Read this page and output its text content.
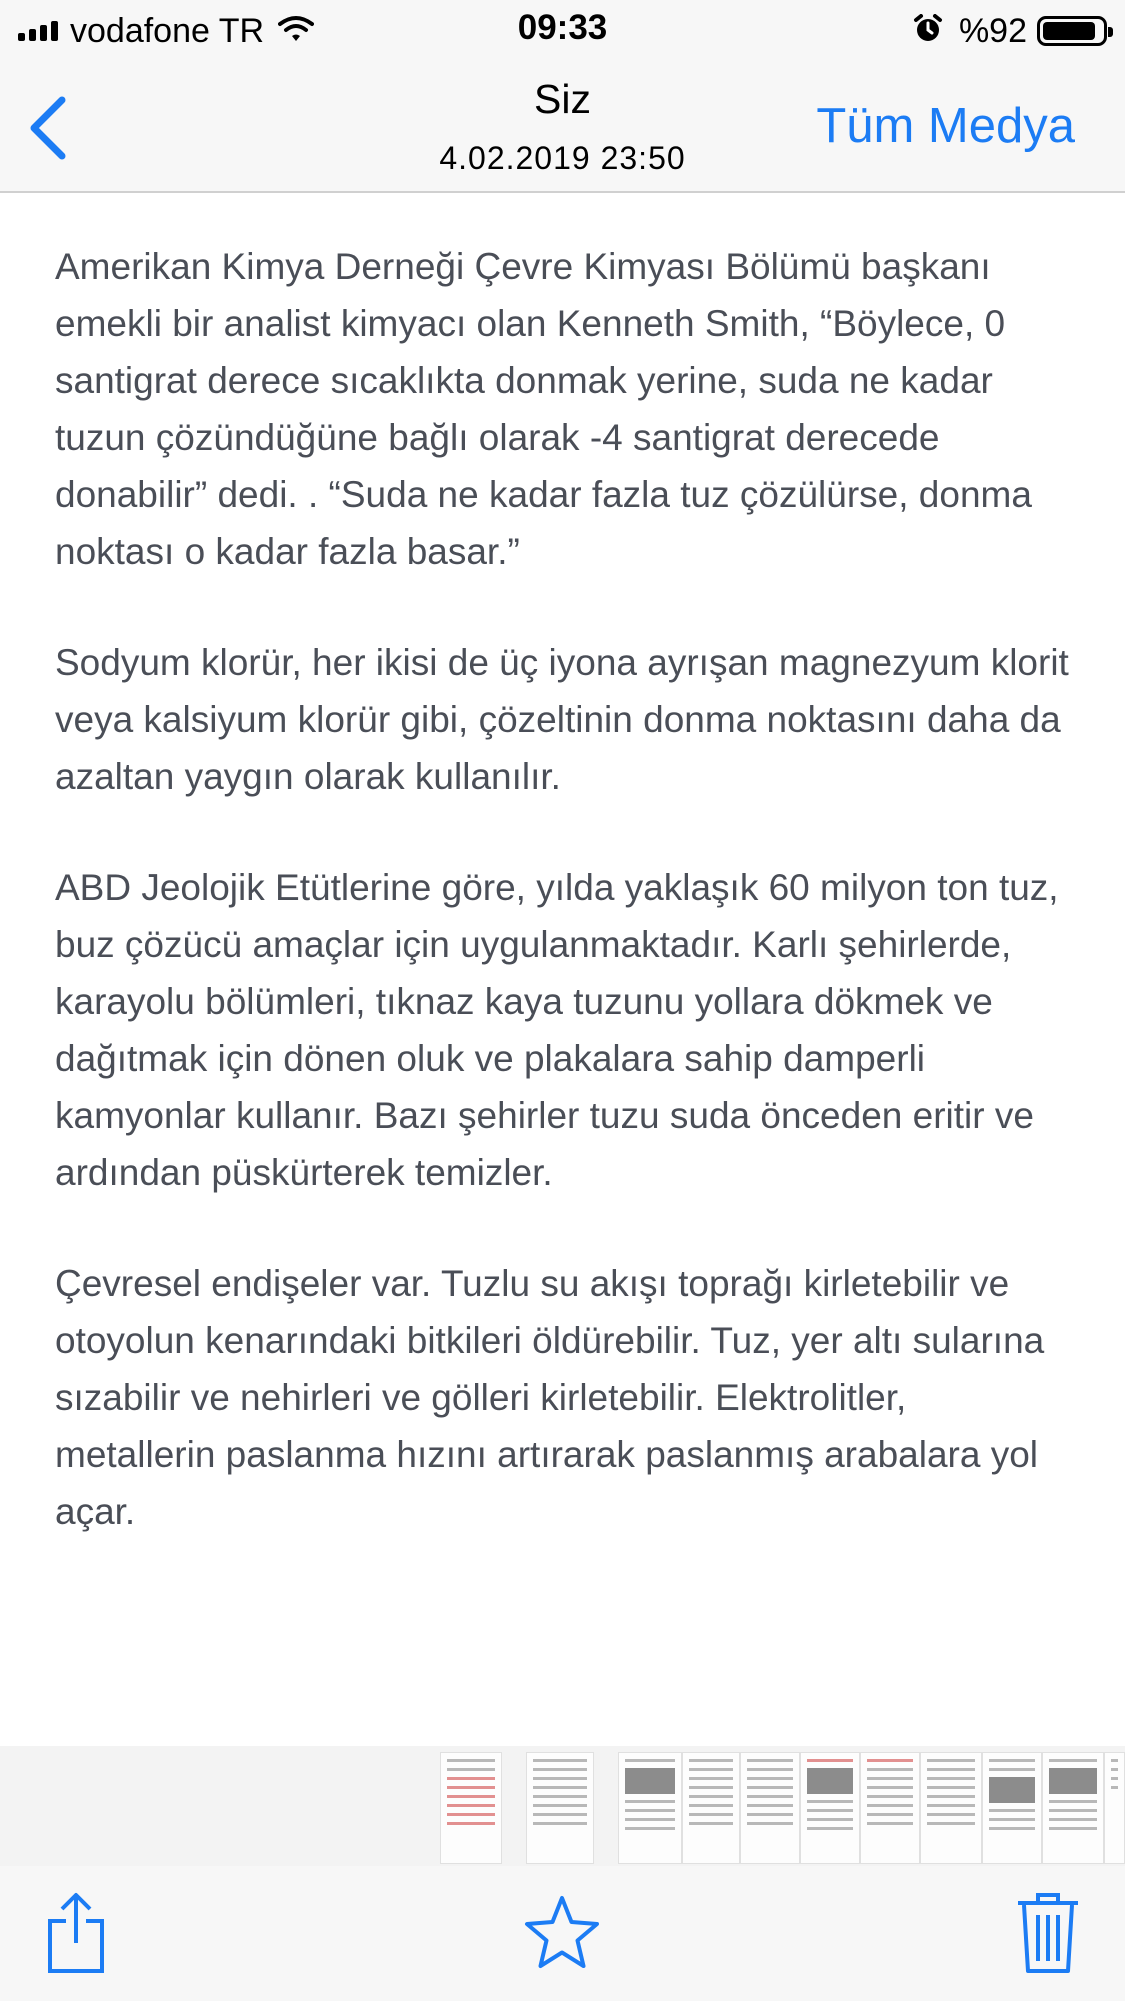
vodafone TR	09:33	%92
Siz
4.02.2019 23:50
Tüm Medya

Amerikan Kimya Derneği Çevre Kimyası Bölümü başkanı emekli bir analist kimyacı olan Kenneth Smith, “Böylece, 0 santigrat derece sıcaklıkta donmak yerine, suda ne kadar tuzun çözündüğüne bağlı olarak -4 santigrat derecede donabilir” dedi. . “Suda ne kadar fazla tuz çözülürse, donma noktası o kadar fazla basar.”

Sodyum klorür, her ikisi de üç iyona ayrışan magnezyum klorit veya kalsiyum klorür gibi, çözeltinin donma noktasını daha da azaltan yaygın olarak kullanılır.

ABD Jeolojik Etütlerine göre, yılda yaklaşık 60 milyon ton tuz, buz çözücü amaçlar için uygulanmaktadır. Karlı şehirlerde, karayolu bölümleri, tıknaz kaya tuzunu yollara dökmek ve dağıtmak için dönen oluk ve plakalara sahip damperli kamyonlar kullanır. Bazı şehirler tuzu suda önceden eritir ve ardından püskürterek temizler.

Çevresel endişeler var. Tuzlu su akışı toprağı kirletebilir ve otoyolun kenarındaki bitkileri öldürebilir. Tuz, yer altı sularına sızabilir ve nehirleri ve gölleri kirletebilir. Elektrolitler, metallerin paslanma hızını artırarak paslanmış arabalara yol açar.
